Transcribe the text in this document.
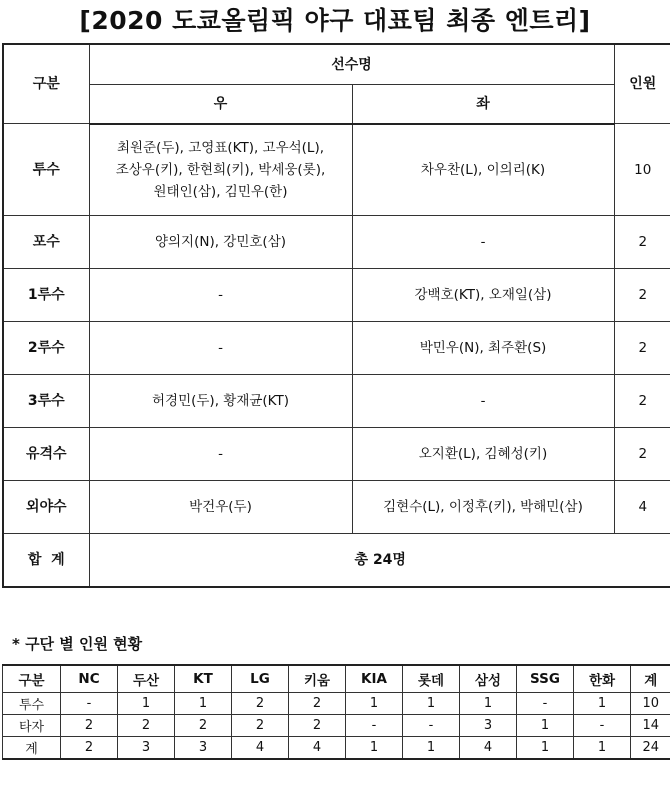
[2020 도쿄올림픽 야구 대표팀 최종 엔트리]
구분	선수명		인원
	우	좌	
투수	최원준(두), 고영표(KT), 고우석(L),
조상우(키), 한현희(키), 박세웅(롯),
원태인(삼), 김민우(한)	차우찬(L), 이의리(K)	10
포수	양의지(N), 강민호(삼)	-	2
1루수	-	강백호(KT), 오재일(삼)	2
2루수	-	박민우(N), 최주환(S)	2
3루수	허경민(두), 황재균(KT)	-	2
유격수	-	오지환(L), 김혜성(키)	2
외야수	박건우(두)	김현수(L), 이정후(키), 박해민(삼)	4
합  계	총 24명		
* 구단 별 인원 현황
구분	NC	두산	KT	LG	키움	KIA	롯데	삼성	SSG	한화	계
투수	-	1	1	2	2	1	1	1	-	1	10
타자	2	2	2	2	2	-	-	3	1	-	14
계	2	3	3	4	4	1	1	4	1	1	24
